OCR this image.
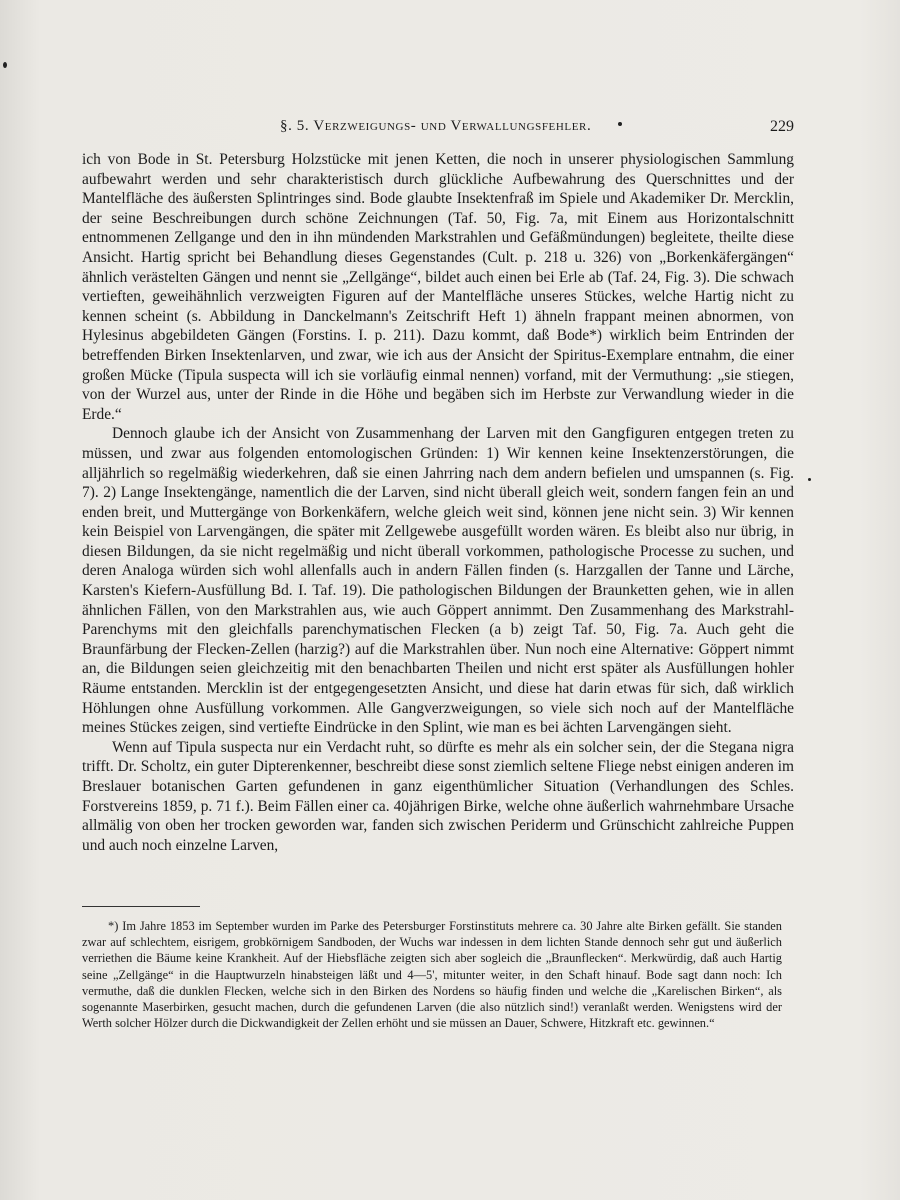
§. 5. Verzweigungs- und Verwallungsfehler.	229

ich von Bode in St. Petersburg Holzstücke mit jenen Ketten, die noch in unserer physiologischen Sammlung aufbewahrt werden und sehr charakteristisch durch glückliche Aufbewahrung des Querschnittes und der Mantelfläche des äußersten Splintringes sind. Bode glaubte Insektenfraß im Spiele und Akademiker Dr. Mercklin, der seine Beschreibungen durch schöne Zeichnungen (Taf. 50, Fig. 7a, mit Einem aus Horizontalschnitt entnommenen Zellgange und den in ihn mündenden Markstrahlen und Gefäßmündungen) begleitete, theilte diese Ansicht. Hartig spricht bei Behandlung dieses Gegenstandes (Cult. p. 218 u. 326) von „Borkenkäfergängen“ ähnlich verästelten Gängen und nennt sie „Zellgänge“, bildet auch einen bei Erle ab (Taf. 24, Fig. 3). Die schwach vertieften, geweihähnlich verzweigten Figuren auf der Mantelfläche unseres Stückes, welche Hartig nicht zu kennen scheint (s. Abbildung in Danckelmann's Zeitschrift Heft 1) ähneln frappant meinen abnormen, von Hylesinus abgebildeten Gängen (Forstins. I. p. 211). Dazu kommt, daß Bode*) wirklich beim Entrinden der betreffenden Birken Insektenlarven, und zwar, wie ich aus der Ansicht der Spiritus-Exemplare entnahm, die einer großen Mücke (Tipula suspecta will ich sie vorläufig einmal nennen) vorfand, mit der Vermuthung: „sie stiegen, von der Wurzel aus, unter der Rinde in die Höhe und begäben sich im Herbste zur Verwandlung wieder in die Erde.“

Dennoch glaube ich der Ansicht von Zusammenhang der Larven mit den Gangfiguren entgegen treten zu müssen, und zwar aus folgenden entomologischen Gründen: 1) Wir kennen keine Insektenzerstörungen, die alljährlich so regelmäßig wiederkehren, daß sie einen Jahrring nach dem andern befielen und umspannen (s. Fig. 7). 2) Lange Insektengänge, namentlich die der Larven, sind nicht überall gleich weit, sondern fangen fein an und enden breit, und Muttergänge von Borkenkäfern, welche gleich weit sind, können jene nicht sein. 3) Wir kennen kein Beispiel von Larvengängen, die später mit Zellgewebe ausgefüllt worden wären. Es bleibt also nur übrig, in diesen Bildungen, da sie nicht regelmäßig und nicht überall vorkommen, pathologische Processe zu suchen, und deren Analoga würden sich wohl allenfalls auch in andern Fällen finden (s. Harzgallen der Tanne und Lärche, Karsten's Kiefern-Ausfüllung Bd. I. Taf. 19). Die pathologischen Bildungen der Braunketten gehen, wie in allen ähnlichen Fällen, von den Markstrahlen aus, wie auch Göppert annimmt. Den Zusammenhang des Markstrahl-Parenchyms mit den gleichfalls parenchymatischen Flecken (a b) zeigt Taf. 50, Fig. 7a. Auch geht die Braunfärbung der Flecken-Zellen (harzig?) auf die Markstrahlen über. Nun noch eine Alternative: Göppert nimmt an, die Bildungen seien gleichzeitig mit den benachbarten Theilen und nicht erst später als Ausfüllungen hohler Räume entstanden. Mercklin ist der entgegengesetzten Ansicht, und diese hat darin etwas für sich, daß wirklich Höhlungen ohne Ausfüllung vorkommen. Alle Gangverzweigungen, so viele sich noch auf der Mantelfläche meines Stückes zeigen, sind vertiefte Eindrücke in den Splint, wie man es bei ächten Larvengängen sieht.

Wenn auf Tipula suspecta nur ein Verdacht ruht, so dürfte es mehr als ein solcher sein, der die Stegana nigra trifft. Dr. Scholtz, ein guter Dipterenkenner, beschreibt diese sonst ziemlich seltene Fliege nebst einigen anderen im Breslauer botanischen Garten gefundenen in ganz eigenthümlicher Situation (Verhandlungen des Schles. Forstvereins 1859, p. 71 f.). Beim Fällen einer ca. 40jährigen Birke, welche ohne äußerlich wahrnehmbare Ursache allmälig von oben her trocken geworden war, fanden sich zwischen Periderm und Grünschicht zahlreiche Puppen und auch noch einzelne Larven,

*) Im Jahre 1853 im September wurden im Parke des Petersburger Forstinstituts mehrere ca. 30 Jahre alte Birken gefällt. Sie standen zwar auf schlechtem, eisrigem, grobkörnigem Sandboden, der Wuchs war indessen in dem lichten Stande dennoch sehr gut und äußerlich verriethen die Bäume keine Krankheit. Auf der Hiebsfläche zeigten sich aber sogleich die „Braunflecken“. Merkwürdig, daß auch Hartig seine „Zellgänge“ in die Hauptwurzeln hinabsteigen läßt und 4—5', mitunter weiter, in den Schaft hinauf. Bode sagt dann noch: Ich vermuthe, daß die dunklen Flecken, welche sich in den Birken des Nordens so häufig finden und welche die „Karelischen Birken“, als sogenannte Maserbirken, gesucht machen, durch die gefundenen Larven (die also nützlich sind!) veranlaßt werden. Wenigstens wird der Werth solcher Hölzer durch die Dickwandigkeit der Zellen erhöht und sie müssen an Dauer, Schwere, Hitzkraft etc. gewinnen.“
